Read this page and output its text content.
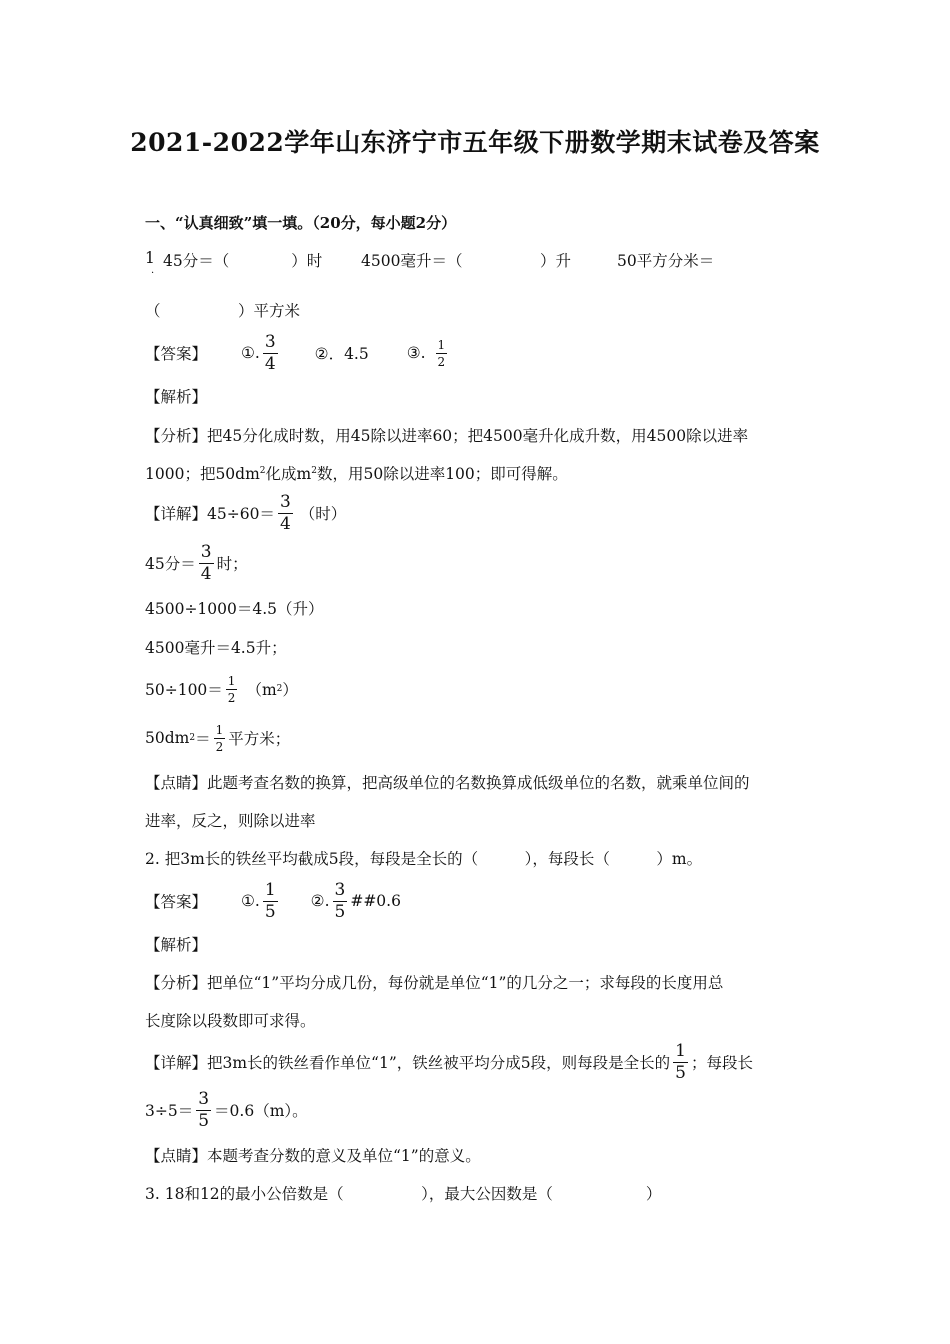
2021-2022学年山东济宁市五年级下册数学期末试卷及答案
一、“认真细致”填一填。（20分，每小题2分）
1 45分＝（　　　　）时	4500毫升＝（　　　　　）升	50平方分米＝
·
（　　　　　）平方米
【答案】 ①. $\frac{3}{4}$ ②．4.5 ③. $\frac{1}{2}$
【解析】
【分析】把45分化成时数，用45除以进率60；把4500毫升化成升数，用4500除以进率
1000；把$50dm^2$化成$m^2$数，用50除以进率100；即可得解。
【详解】$45\div 60= \frac{3}{4}$ （时）
45分＝ $\frac{3}{4}$ 时；
4500÷1000＝4.5（升）
4500毫升＝4.5升；
$50\div 100= \frac{1}{2} (m$ 2 ）
50dm $2 = \frac{1}{2}$ 平方米；
【点睛】此题考查名数的换算，把高级单位的名数换算成低级单位的名数，就乘单位间的
进率，反之，则除以进率
2. 把3m长的铁丝平均截成5段，每段是全长的（　　　），每段长（　　　）m。
【答案】 ①. $\frac{1}{5}$ ②. $\frac{3}{5}$ ##0.6
【解析】
【分析】把单位“1”平均分成几份，每份就是单位“1”的几分之一；求每段的长度用总
长度除以段数即可求得。
【详解】把3m长的铁丝看作单位“1”，铁丝被平均分成5段，则每段是全长的 $\frac{1}{5}$ ；每段长
$3\div 5= \frac{3}{5} =0.6(m)$。
【点睛】本题考查分数的意义及单位“1”的意义。
3. 18和12的最小公倍数是（　　　　　），最大公因数是（　　　　　　）
